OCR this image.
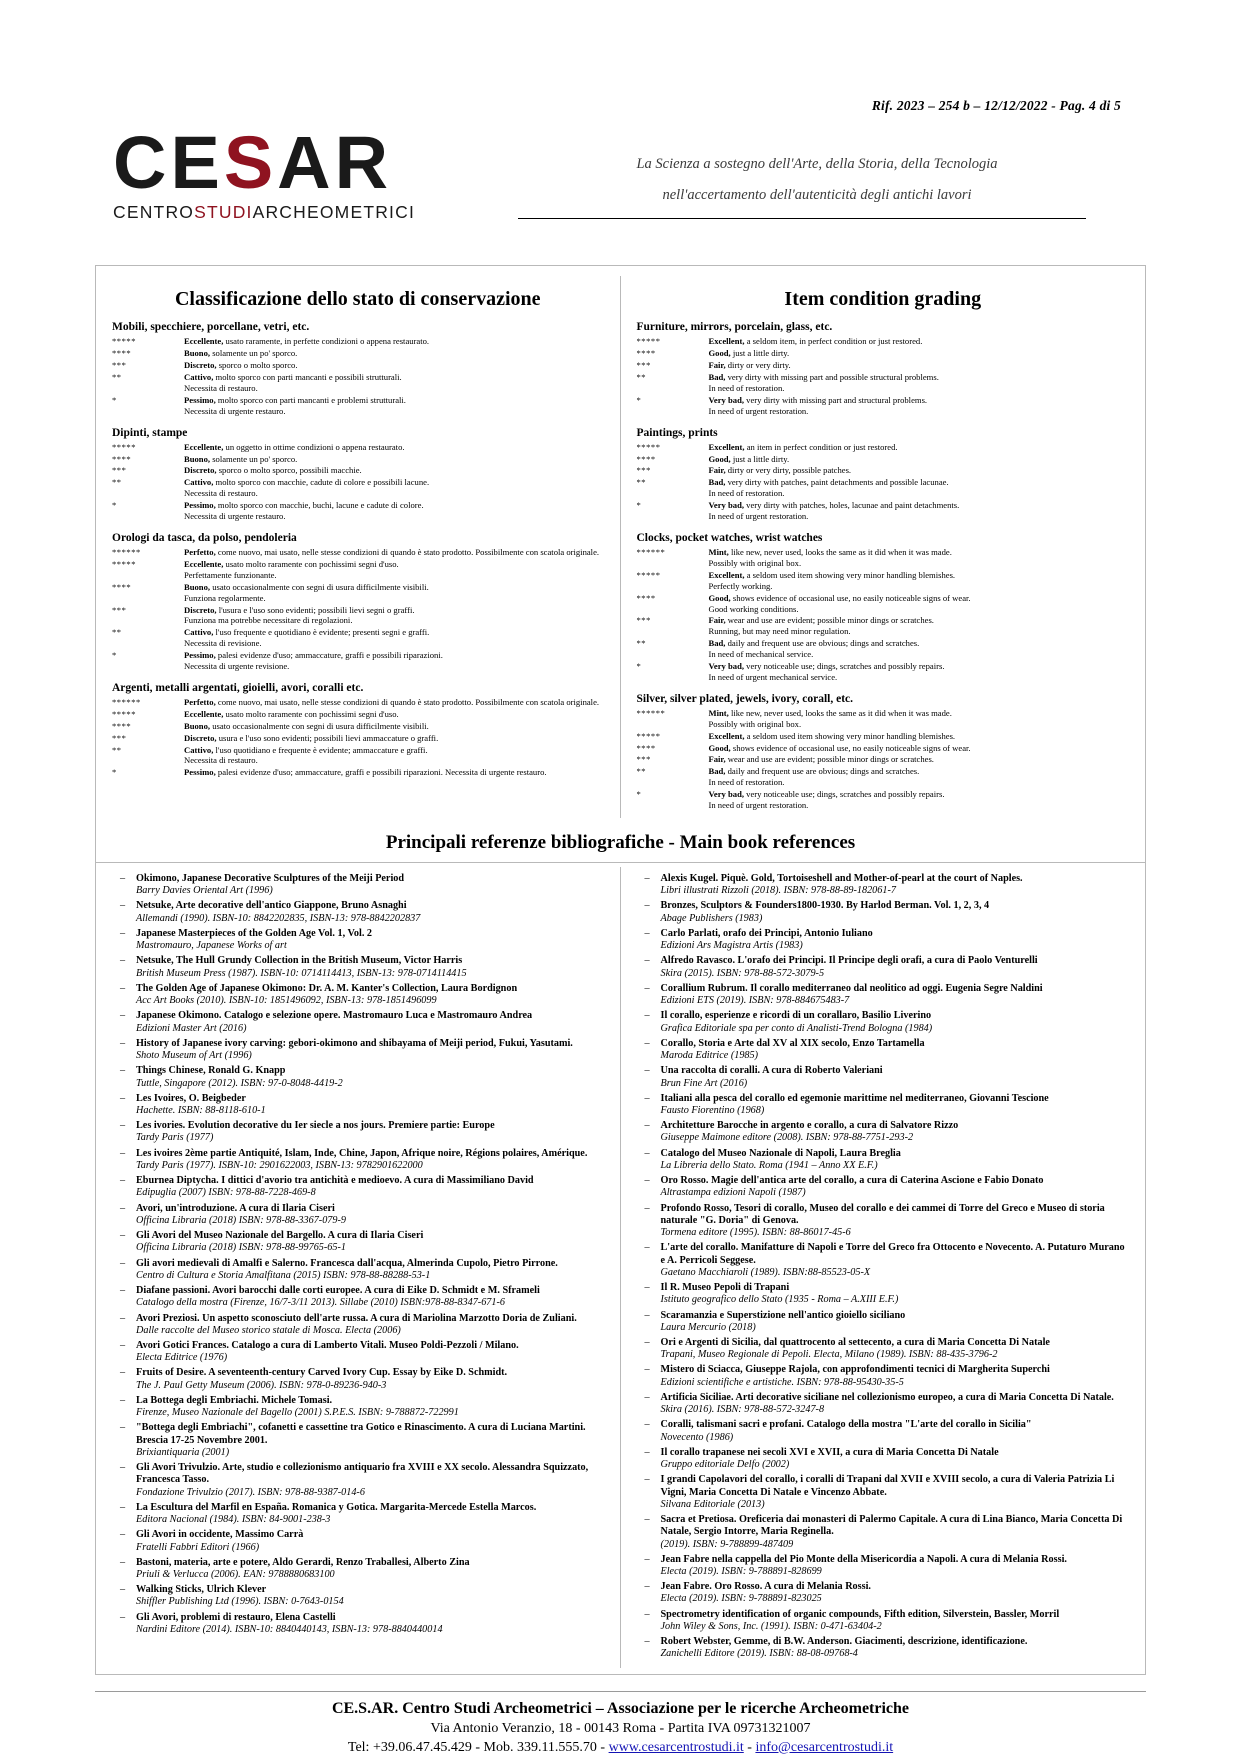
Rif. 2023 – 254 b – 12/12/2022 - Pag. 4 di 5
CESAR
CENTROSTUDIARCHEOMETRICI
La Scienza a sostegno dell'Arte, della Storia, della Tecnologia
nell'accertamento dell'autenticità degli antichi lavori
Classificazione dello stato di conservazione
Mobili, specchiere, porcellane, vetri, etc.
*****	Eccellente, usato raramente, in perfette condizioni o appena restaurato.
****	Buono, solamente un po' sporco.
***	Discreto, sporco o molto sporco.
**	Cattivo, molto sporco con parti mancanti e possibili strutturali.
Necessita di restauro.

*	Pessimo, molto sporco con parti mancanti e problemi strutturali.
Necessita di urgente restauro.
Dipinti, stampe
*****	Eccellente, un oggetto in ottime condizioni o appena restaurato.
****	Buono, solamente un po' sporco.
***	Discreto, sporco o molto sporco, possibili macchie.
**	Cattivo, molto sporco con macchie, cadute di colore e possibili lacune.
Necessita di restauro.

*	Pessimo, molto sporco con macchie, buchi, lacune e cadute di colore.
Necessita di urgente restauro.
Orologi da tasca, da polso, pendoleria
******	Perfetto, come nuovo, mai usato, nelle stesse condizioni di quando è stato prodotto. Possibilmente con scatola originale.
*****	Eccellente, usato molto raramente con pochissimi segni d'uso.
Perfettamente funzionante.

****	Buono, usato occasionalmente con segni di usura difficilmente visibili.
Funziona regolarmente.

***	Discreto, l'usura e l'uso sono evidenti; possibili lievi segni o graffi.
Funziona ma potrebbe necessitare di regolazioni.

**	Cattivo, l'uso frequente e quotidiano è evidente; presenti segni e graffi.
Necessita di revisione.

*	Pessimo, palesi evidenze d'uso; ammaccature, graffi e possibili riparazioni.
Necessita di urgente revisione.
Argenti, metalli argentati, gioielli, avori, coralli etc.
******	Perfetto, come nuovo, mai usato, nelle stesse condizioni di quando è stato prodotto. Possibilmente con scatola originale.
*****	Eccellente, usato molto raramente con pochissimi segni d'uso.
****	Buono, usato occasionalmente con segni di usura difficilmente visibili.
***	Discreto, usura e l'uso sono evidenti; possibili lievi ammaccature o graffi.
**	Cattivo, l'uso quotidiano e frequente è evidente; ammaccature e graffi.
Necessita di restauro.

*	Pessimo, palesi evidenze d'uso; ammaccature, graffi e possibili riparazioni. Necessita di urgente restauro.
Item condition grading
Furniture, mirrors, porcelain, glass, etc.
*****	Excellent, a seldom item, in perfect condition or just restored.
****	Good, just a little dirty.
***	Fair, dirty or very dirty.
**	Bad, very dirty with missing part and possible structural problems.
In need of restoration.

*	Very bad, very dirty with missing part and structural problems.
In need of urgent restoration.
Paintings, prints
*****	Excellent, an item in perfect condition or just restored.
****	Good, just a little dirty.
***	Fair, dirty or very dirty, possible patches.
**	Bad, very dirty with patches, paint detachments and possible lacunae.
In need of restoration.

*	Very bad, very dirty with patches, holes, lacunae and paint detachments.
In need of urgent restoration.
Clocks, pocket watches, wrist watches
******	Mint, like new, never used, looks the same as it did when it was made.
Possibly with original box.

*****	Excellent, a seldom used item showing very minor handling blemishes.
Perfectly working.

****	Good, shows evidence of occasional use, no easily noticeable signs of wear.
Good working conditions.

***	Fair, wear and use are evident; possible minor dings or scratches.
Running, but may need minor regulation.

**	Bad, daily and frequent use are obvious; dings and scratches.
In need of mechanical service.

*	Very bad, very noticeable use; dings, scratches and possibly repairs.
In need of urgent mechanical service.
Silver, silver plated, jewels, ivory, corall, etc.
******	Mint, like new, never used, looks the same as it did when it was made.
Possibly with original box.

*****	Excellent, a seldom used item showing very minor handling blemishes.
****	Good, shows evidence of occasional use, no easily noticeable signs of wear.
***	Fair, wear and use are evident; possible minor dings or scratches.
**	Bad, daily and frequent use are obvious; dings and scratches.
In need of restoration.

*	Very bad, very noticeable use; dings, scratches and possibly repairs.
In need of urgent restoration.
Principali referenze bibliografiche - Main book references
– Okimono, Japanese Decorative Sculptures of the Meiji Period
Barry Davies Oriental Art (1996)
– Netsuke, Arte decorative dell'antico Giappone, Bruno Asnaghi
Allemandi (1990). ISBN-10: 8842202835, ISBN-13: 978-8842202837
– Japanese Masterpieces of the Golden Age Vol. 1, Vol. 2
Mastromauro, Japanese Works of art
– Netsuke, The Hull Grundy Collection in the British Museum, Victor Harris
British Museum Press (1987). ISBN-10: 0714114413, ISBN-13: 978-0714114415
– The Golden Age of Japanese Okimono: Dr. A. M. Kanter's Collection, Laura Bordignon
Acc Art Books (2010). ISBN-10: 1851496092, ISBN-13: 978-1851496099
– Japanese Okimono. Catalogo e selezione opere. Mastromauro Luca e Mastromauro Andrea
Edizioni Master Art (2016)
– History of Japanese ivory carving: gebori-okimono and shibayama of Meiji period, Fukui, Yasutami.
Shoto Museum of Art (1996)
– Things Chinese, Ronald G. Knapp
Tuttle, Singapore (2012). ISBN: 97-0-8048-4419-2
– Les Ivoires, O. Beigbeder
Hachette. ISBN: 88-8118-610-1
– Les ivories. Evolution decorative du Ier siecle a nos jours. Premiere partie: Europe
Tardy Paris (1977)
– Les ivoires 2ème partie Antiquité, Islam, Inde, Chine, Japon, Afrique noire, Régions polaires, Amérique.
Tardy Paris (1977). ISBN-10: 2901622003, ISBN-13: 9782901622000
– Eburnea Diptycha. I dittici d'avorio tra antichità e medioevo. A cura di Massimiliano David
Edipuglia (2007) ISBN: 978-88-7228-469-8
– Avori, un'introduzione. A cura di Ilaria Ciseri
Officina Libraria (2018) ISBN: 978-88-3367-079-9
– Gli Avori del Museo Nazionale del Bargello. A cura di Ilaria Ciseri
Officina Libraria (2018) ISBN: 978-88-99765-65-1
– Gli avori medievali di Amalfi e Salerno. Francesca dall'acqua, Almerinda Cupolo, Pietro Pirrone.
Centro di Cultura e Storia Amalfitana (2015) ISBN: 978-88-88288-53-1
– Diafane passioni. Avori barocchi dalle corti europee. A cura di Eike D. Schmidt e M. Sframeli
Catalogo della mostra (Firenze, 16/7-3/11 2013). Sillabe (2010) ISBN:978-88-8347-671-6
– Avori Preziosi. Un aspetto sconosciuto dell'arte russa. A cura di Mariolina Marzotto Doria de Zuliani.
Dalle raccolte del Museo storico statale di Mosca. Electa (2006)
– Avori Gotici Frances. Catalogo a cura di Lamberto Vitali. Museo Poldi-Pezzoli / Milano.
Electa Editrice (1976)
– Fruits of Desire. A seventeenth-century Carved Ivory Cup. Essay by Eike D. Schmidt.
The J. Paul Getty Museum (2006). ISBN: 978-0-89236-940-3
– La Bottega degli Embriachi. Michele Tomasi.
Firenze, Museo Nazionale del Bagello (2001) S.P.E.S. ISBN: 9-788872-722991
– "Bottega degli Embriachi", cofanetti e cassettine tra Gotico e Rinascimento. A cura di Luciana Martini. Brescia 17-25 Novembre 2001.
Brixiantiquaria (2001)
– Gli Avori Trivulzio. Arte, studio e collezionismo antiquario fra XVIII e XX secolo. Alessandra Squizzato, Francesca Tasso.
Fondazione Trivulzio (2017). ISBN: 978-88-9387-014-6
– La Escultura del Marfil en España. Romanica y Gotica. Margarita-Mercede Estella Marcos.
Editora Nacional (1984). ISBN: 84-9001-238-3
– Gli Avori in occidente, Massimo Carrà
Fratelli Fabbri Editori (1966)
– Bastoni, materia, arte e potere, Aldo Gerardi, Renzo Traballesi, Alberto Zina
Priuli & Verlucca (2006). EAN: 9788880683100
– Walking Sticks, Ulrich Klever
Shiffler Publishing Ltd (1996). ISBN: 0-7643-0154
– Gli Avori, problemi di restauro, Elena Castelli
Nardini Editore (2014). ISBN-10: 8840440143, ISBN-13: 978-8840440014
– Alexis Kugel. Piquè. Gold, Tortoiseshell and Mother-of-pearl at the court of Naples.
Libri illustrati Rizzoli (2018). ISBN: 978-88-89-182061-7
– Bronzes, Sculptors & Founders1800-1930. By Harlod Berman. Vol. 1, 2, 3, 4
Abage Publishers (1983)
– Carlo Parlati, orafo dei Principi, Antonio Iuliano
Edizioni Ars Magistra Artis (1983)
– Alfredo Ravasco. L'orafo dei Principi. Il Principe degli orafi, a cura di Paolo Venturelli
Skira (2015). ISBN: 978-88-572-3079-5
– Corallium Rubrum. Il corallo mediterraneo dal neolitico ad oggi. Eugenia Segre Naldini
Edizioni ETS (2019). ISBN: 978-884675483-7
– Il corallo, esperienze e ricordi di un corallaro, Basilio Liverino
Grafica Editoriale spa per conto di Analisti-Trend Bologna (1984)
– Corallo, Storia e Arte dal XV al XIX secolo, Enzo Tartamella
Maroda Editrice (1985)
– Una raccolta di coralli. A cura di Roberto Valeriani
Brun Fine Art (2016)
– Italiani alla pesca del corallo ed egemonie marittime nel mediterraneo, Giovanni Tescione
Fausto Fiorentino (1968)
– Architetture Barocche in argento e corallo, a cura di Salvatore Rizzo
Giuseppe Maimone editore (2008). ISBN: 978-88-7751-293-2
– Catalogo del Museo Nazionale di Napoli, Laura Breglia
La Libreria dello Stato. Roma (1941 – Anno XX E.F.)
– Oro Rosso. Magie dell'antica arte del corallo, a cura di Caterina Ascione e Fabio Donato
Altrastampa edizioni Napoli (1987)
– Profondo Rosso, Tesori di corallo, Museo del corallo e dei cammei di Torre del Greco e Museo di storia naturale "G. Doria" di Genova.
Tormena editore (1995). ISBN: 88-86017-45-6
– L'arte del corallo. Manifatture di Napoli e Torre del Greco fra Ottocento e Novecento. A. Putaturo Murano e A. Perricoli Seggese.
Gaetano Macchiaroli (1989). ISBN:88-85523-05-X
– Il R. Museo Pepoli di Trapani
Istituto geografico dello Stato (1935 - Roma – A.XIII E.F.)
– Scaramanzia e Superstizione nell'antico gioiello siciliano
Laura Mercurio (2018)
– Ori e Argenti di Sicilia, dal quattrocento al settecento, a cura di Maria Concetta Di Natale
Trapani, Museo Regionale di Pepoli. Electa, Milano (1989). ISBN: 88-435-3796-2
– Mistero di Sciacca, Giuseppe Rajola, con approfondimenti tecnici di Margherita Superchi
Edizioni scientifiche e artistiche. ISBN: 978-88-95430-35-5
– Artificia Siciliae. Arti decorative siciliane nel collezionismo europeo, a cura di Maria Concetta Di Natale.
Skira (2016). ISBN: 978-88-572-3247-8
– Coralli, talismani sacri e profani. Catalogo della mostra "L'arte del corallo in Sicilia"
Novecento (1986)
– Il corallo trapanese nei secoli XVI e XVII, a cura di Maria Concetta Di Natale
Gruppo editoriale Delfo (2002)
– I grandi Capolavori del corallo, i coralli di Trapani dal XVII e XVIII secolo, a cura di Valeria Patrizia Li Vigni, Maria Concetta Di Natale e Vincenzo Abbate.
Silvana Editoriale (2013)
– Sacra et Pretiosa. Oreficeria dai monasteri di Palermo Capitale. A cura di Lina Bianco, Maria Concetta Di Natale, Sergio Intorre, Maria Reginella.
(2019). ISBN: 9-788899-487409
– Jean Fabre nella cappella del Pio Monte della Misericordia a Napoli. A cura di Melania Rossi.
Electa (2019). ISBN: 9-788891-828699
– Jean Fabre. Oro Rosso. A cura di Melania Rossi.
Electa (2019). ISBN: 9-788891-823025
– Spectrometry identification of organic compounds, Fifth edition, Silverstein, Bassler, Morril
John Wiley & Sons, Inc. (1991). ISBN: 0-471-63404-2
– Robert Webster, Gemme, di B.W. Anderson. Giacimenti, descrizione, identificazione.
Zanichelli Editore (2019). ISBN: 88-08-09768-4
CE.S.AR. Centro Studi Archeometrici – Associazione per le ricerche Archeometriche
Via Antonio Veranzio, 18 - 00143 Roma - Partita IVA 09731321007
Tel: +39.06.47.45.429 - Mob. 339.11.555.70 - www.cesarcentrostudi.it - info@cesarcentrostudi.it
